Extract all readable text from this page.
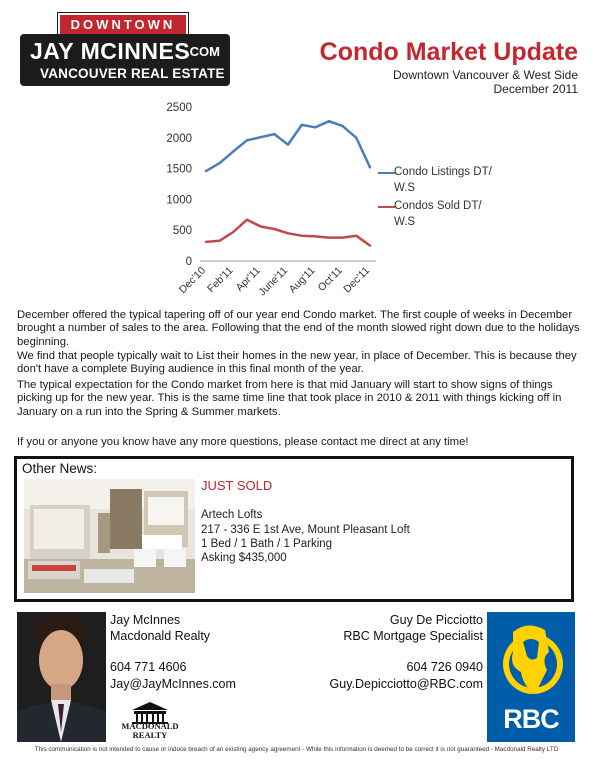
DOWNTOWN
JAY MCINNES
.COM
VANCOUVER REAL ESTATE
Condo Market Update
Downtown Vancouver & West Side
December 2011
0
500
1000
1500
2000
2500
Dec'10
Feb'11
Apr'11
June'11
Aug'11
Oct'11
Dec'11
Condo Listings DT/ W.S
Condos Sold DT/ W.S
December offered the typical tapering off of our year end Condo market. The first couple of weeks in December brought a number of sales to the area. Following that the end of the month slowed right down due to the holidays beginning.
We find that people typically wait to List their homes in the new year, in place of December. This is because they don't have a complete Buying audience in this final month of the year.
The typical expectation for the Condo market from here is that mid January will start to show signs of things picking up for the new year. This is the same time line that took place in 2010 & 2011 with things kicking off in January on a run into the Spring & Summer markets.
If you or anyone you know have any more questions, please contact me direct at any time!
Other News:
JUST SOLD
Artech Lofts
217 - 336 E 1st Ave, Mount Pleasant Loft
1 Bed / 1 Bath / 1 Parking
Asking $435,000
Jay McInnes
Macdonald Realty
604 771 4606
Jay@JayMcInnes.com
MACDONALD REALTY
Guy De Picciotto
RBC Mortgage Specialist
604 726 0940
Guy.Depicciotto@RBC.com
RBC
This communication is not intended to cause or induce breach of an existing agency agreement - While this information is deemed to be correct it is not guaranteed - Macdonald Realty LTD
